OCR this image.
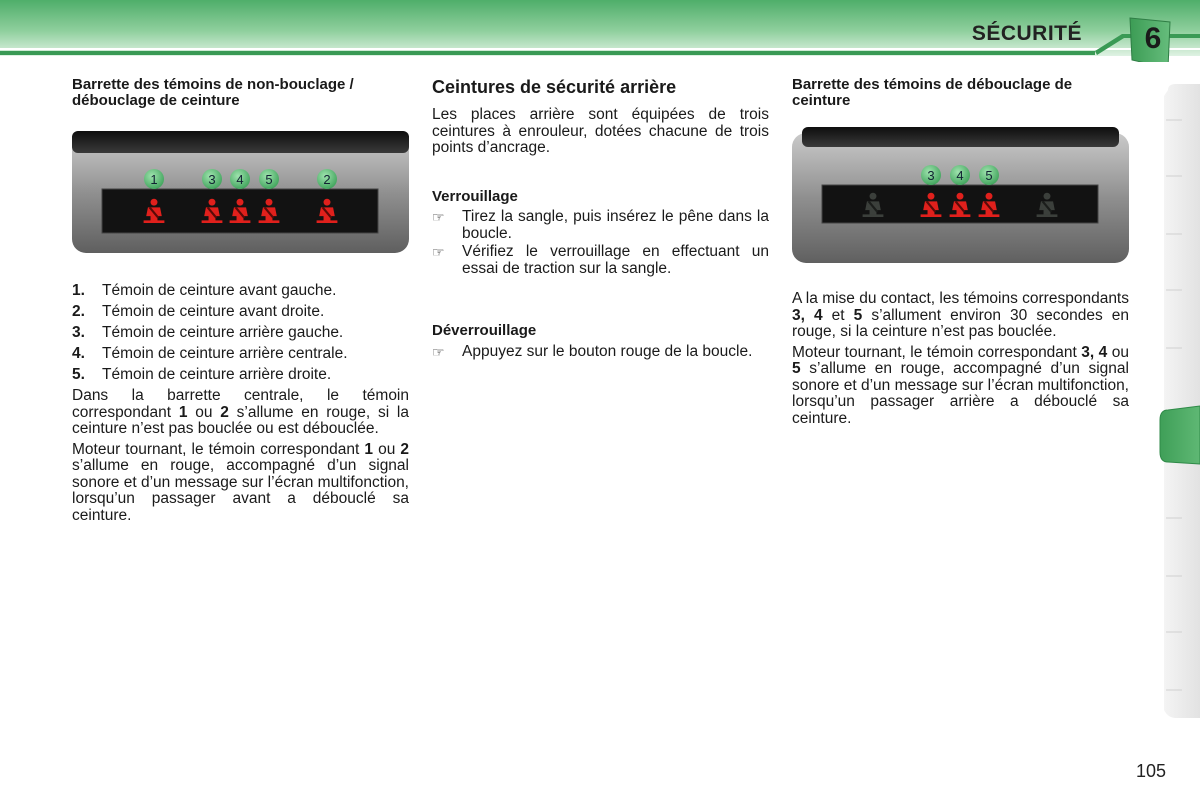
SÉCURITÉ 6
Barrette des témoins de non-bouclage / débouclage de ceinture
1	3 4 5	2
1.	Témoin de ceinture avant gauche.
2.	Témoin de ceinture avant droite.
3.	Témoin de ceinture arrière gauche.
4.	Témoin de ceinture arrière centrale.
5.	Témoin de ceinture arrière droite.

Dans la barrette centrale, le témoin correspondant 1 ou 2 s’allume en rouge, si la ceinture n’est pas bouclée ou est débouclée.

Moteur tournant, le témoin correspondant 1 ou 2 s’allume en rouge, accompagné d’un signal sonore et d’un message sur l’écran multifonction, lorsqu’un passager avant a débouclé sa ceinture.

Ceintures de sécurité arrière

Les places arrière sont équipées de trois ceintures à enrouleur, dotées chacune de trois points d’ancrage.

Verrouillage
☞	Tirez la sangle, puis insérez le pêne dans la boucle.
☞	Vérifiez le verrouillage en effectuant un essai de traction sur la sangle.
Déverrouillage
☞	Appuyez sur le bouton rouge de la boucle.
Barrette des témoins de débouclage de ceinture
3 4 5

A la mise du contact, les témoins correspondants 3, 4 et 5 s’allument environ 30 secondes en rouge, si la ceinture n’est pas bouclée.

Moteur tournant, le témoin correspondant 3, 4 ou 5 s’allume en rouge, accompagné d’un signal sonore et d’un message sur l’écran multifonction, lorsqu’un passager arrière a débouclé sa ceinture.

105
